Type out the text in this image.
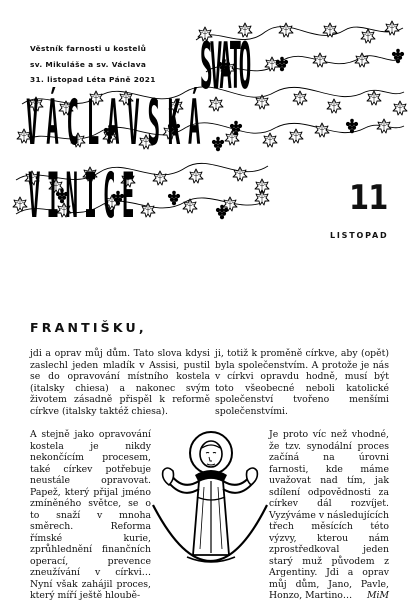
Věstník farnosti u kostelů
sv. Mikuláše a sv. Václava
31. listopad Léta Páně 2021 SVATO
VÁCLAVSKÁ
VINICE	11
LISTOPAD
FRANTIŠKU,
jdi a oprav můj dům. Tato slova kdysi zaslechl jeden mladík v Assisi, pustil se do opravování místního kostela (italsky chiesa) a nakonec svým životem zásadně přispěl k reformě církve (italsky taktéž chiesa).
A stejně jako opravování kostela je nikdy nekončícím procesem, také církev potřebuje neustále opravovat. Papež, který přijal jméno zmíněného světce, se o to snaží v mnoha směrech. Reforma římské kurie, zprůhlednění finančních operací, prevence zneužívání v církvi… Nyní však zahájil proces, který míří ještě hloubě-
ji, totiž k proměně církve, aby (opět) byla společenstvím. A protože je nás v církvi opravdu hodně, musí být toto všeobecné neboli katolické společenství tvořeno menšími společenstvími.
Je proto víc než vhodné, že tzv. synodální proces začíná na úrovni farnosti, kde máme uvažovat nad tím, jak sdílení odpovědnosti za církev dál rozvíjet. Vyzýváme v následujících třech měsících této výzvy, kterou nám zprostředkoval jeden starý muž původem z Argentiny. Jdi a oprav můj dům, Jano, Pavle, Honzo, Martino… MiM
